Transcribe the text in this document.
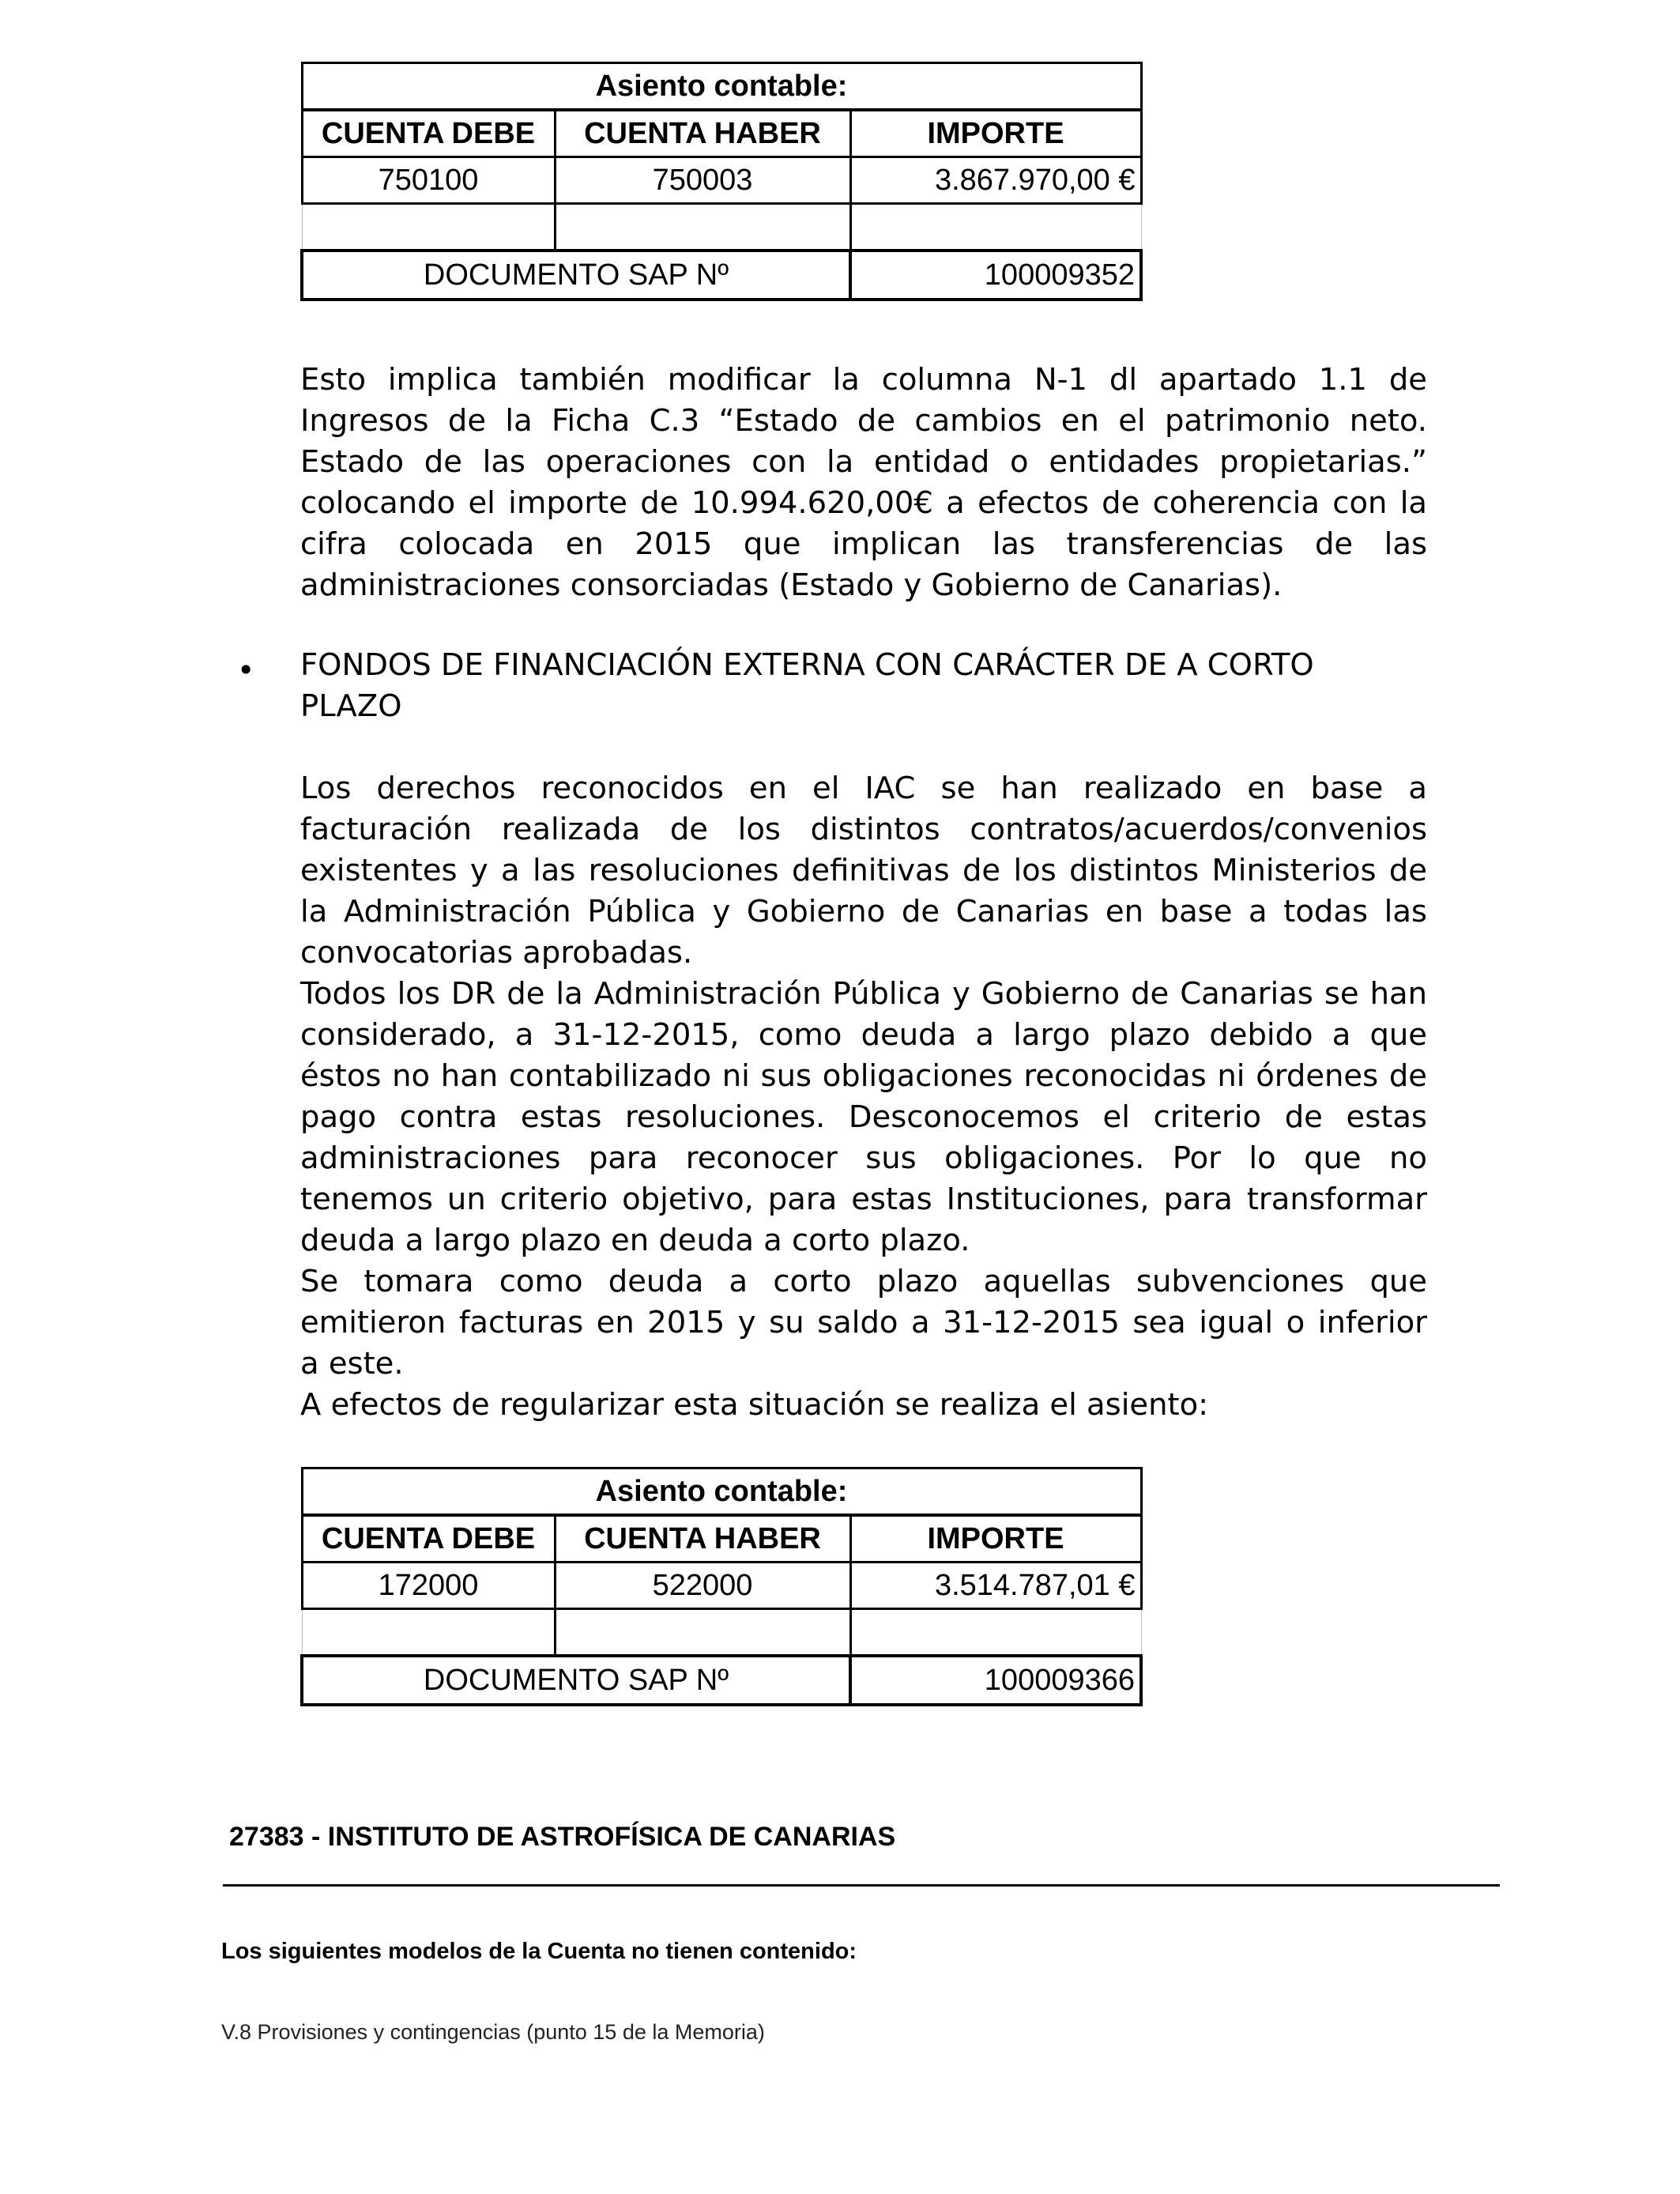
Asiento contable:		
CUENTA DEBE	CUENTA HABER	IMPORTE
750100	750003	3.867.970,00 €

DOCUMENTO SAP Nº		100009352

Esto implica también modificar la columna N-1 dl apartado 1.1 de

Ingresos de la Ficha C.3 “Estado de cambios en el patrimonio neto.

Estado de las operaciones con la entidad o entidades propietarias.”

colocando el importe de 10.994.620,00€ a efectos de coherencia con la

cifra colocada en 2015 que implican las transferencias de las

administraciones consorciadas (Estado y Gobierno de Canarias).

• FONDOS DE FINANCIACIÓN EXTERNA CON CARÁCTER DE A CORTO
PLAZO

Los derechos reconocidos en el IAC se han realizado en base a

facturación realizada de los distintos contratos/acuerdos/convenios

existentes y a las resoluciones definitivas de los distintos Ministerios de

la Administración Pública y Gobierno de Canarias en base a todas las

convocatorias aprobadas.

Todos los DR de la Administración Pública y Gobierno de Canarias se han

considerado, a 31-12-2015, como deuda a largo plazo debido a que

éstos no han contabilizado ni sus obligaciones reconocidas ni órdenes de

pago contra estas resoluciones. Desconocemos el criterio de estas

administraciones para reconocer sus obligaciones. Por lo que no

tenemos un criterio objetivo, para estas Instituciones, para transformar

deuda a largo plazo en deuda a corto plazo.

Se tomara como deuda a corto plazo aquellas subvenciones que

emitieron facturas en 2015 y su saldo a 31-12-2015 sea igual o inferior

a este.

A efectos de regularizar esta situación se realiza el asiento:

Asiento contable:		
CUENTA DEBE	CUENTA HABER	IMPORTE
172000	522000	3.514.787,01 €

DOCUMENTO SAP Nº		100009366
27383 - INSTITUTO DE ASTROFÍSICA DE CANARIAS
Los siguientes modelos de la Cuenta no tienen contenido:
V.8 Provisiones y contingencias (punto 15 de la Memoria)
